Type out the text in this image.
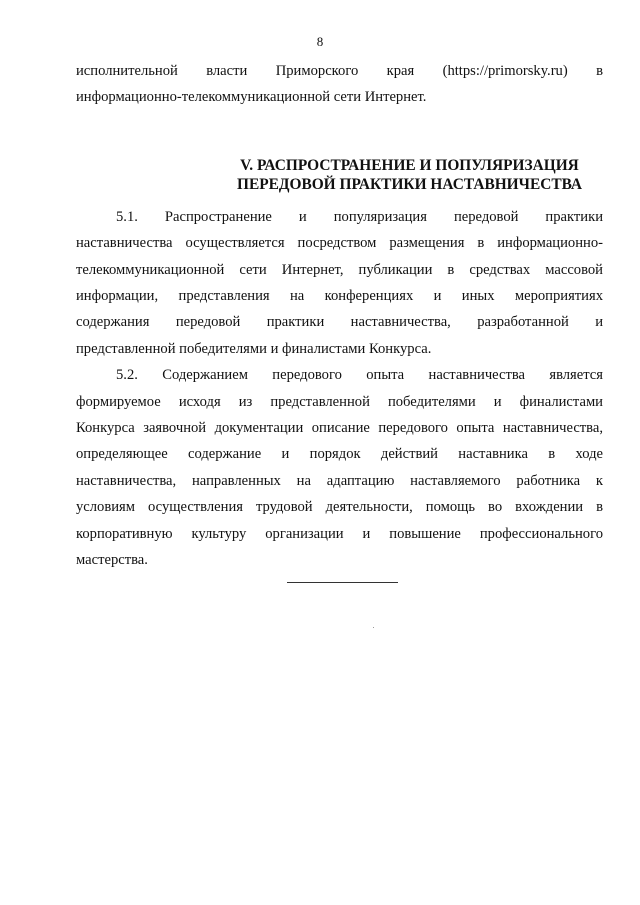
8
исполнительной власти Приморского края (https://primorsky.ru) в
информационно-телекоммуникационной сети Интернет.
V. РАСПРОСТРАНЕНИЕ И ПОПУЛЯРИЗАЦИЯ
ПЕРЕДОВОЙ ПРАКТИКИ НАСТАВНИЧЕСТВА
5.1. Распространение и популяризация передовой практики
наставничества осуществляется посредством размещения в информационно-
телекоммуникационной сети Интернет, публикации в средствах массовой
информации, представления на конференциях и иных мероприятиях
содержания передовой практики наставничества, разработанной и
представленной победителями и финалистами Конкурса.
5.2. Содержанием передового опыта наставничества является
формируемое исходя из представленной победителями и финалистами
Конкурса заявочной документации описание передового опыта наставничества,
определяющее содержание и порядок действий наставника в ходе
наставничества, направленных на адаптацию наставляемого работника к
условиям осуществления трудовой деятельности, помощь во вхождении в
корпоративную культуру организации и повышение профессионального
мастерства.
